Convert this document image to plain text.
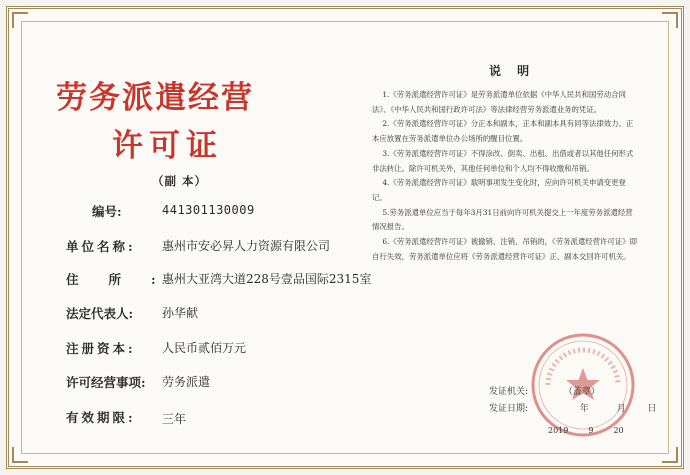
劳务派遣经营
许可证
（副 本）
编号:	441301130009
单位名称: 惠州市安必昇人力资源有限公司
住所:
惠州大亚湾大道228号壹品国际2315室
法定代表人: 孙华献
注册资本: 人民币贰佰万元
许可经营事项: 劳务派遣
有效期限: 三年
说 明

1.《劳务派遣经营许可证》是劳务派遣单位依据《中华人民共和国劳动合同法》、《中华人民共和国行政许可法》等法律经营劳务派遣业务的凭证。

2.《劳务派遣经营许可证》分正本和副本，正本和副本具有同等法律效力。正本应放置在劳务派遣单位办公场所的醒目位置。

3.《劳务派遣经营许可证》不得涂改、倒卖、出租、出借或者以其他任何形式非法转让。除许可机关外，其他任何单位和个人均不得收缴和吊销。

4.《劳务派遣经营许可证》载明事项发生变化时，应向许可机关申请变更登记。

5.劳务派遣单位应当于每年3月31日前向许可机关提交上一年度劳务派遣经营情况报告。

6.《劳务派遣经营许可证》被撤销、注销、吊销的，《劳务派遣经营许可证》即自行失效，劳务派遣单位应将《劳务派遣经营许可证》正、副本交回许可机关。

发证机关:	（盖章）
发证日期:	年	月 日
2019	9	20
